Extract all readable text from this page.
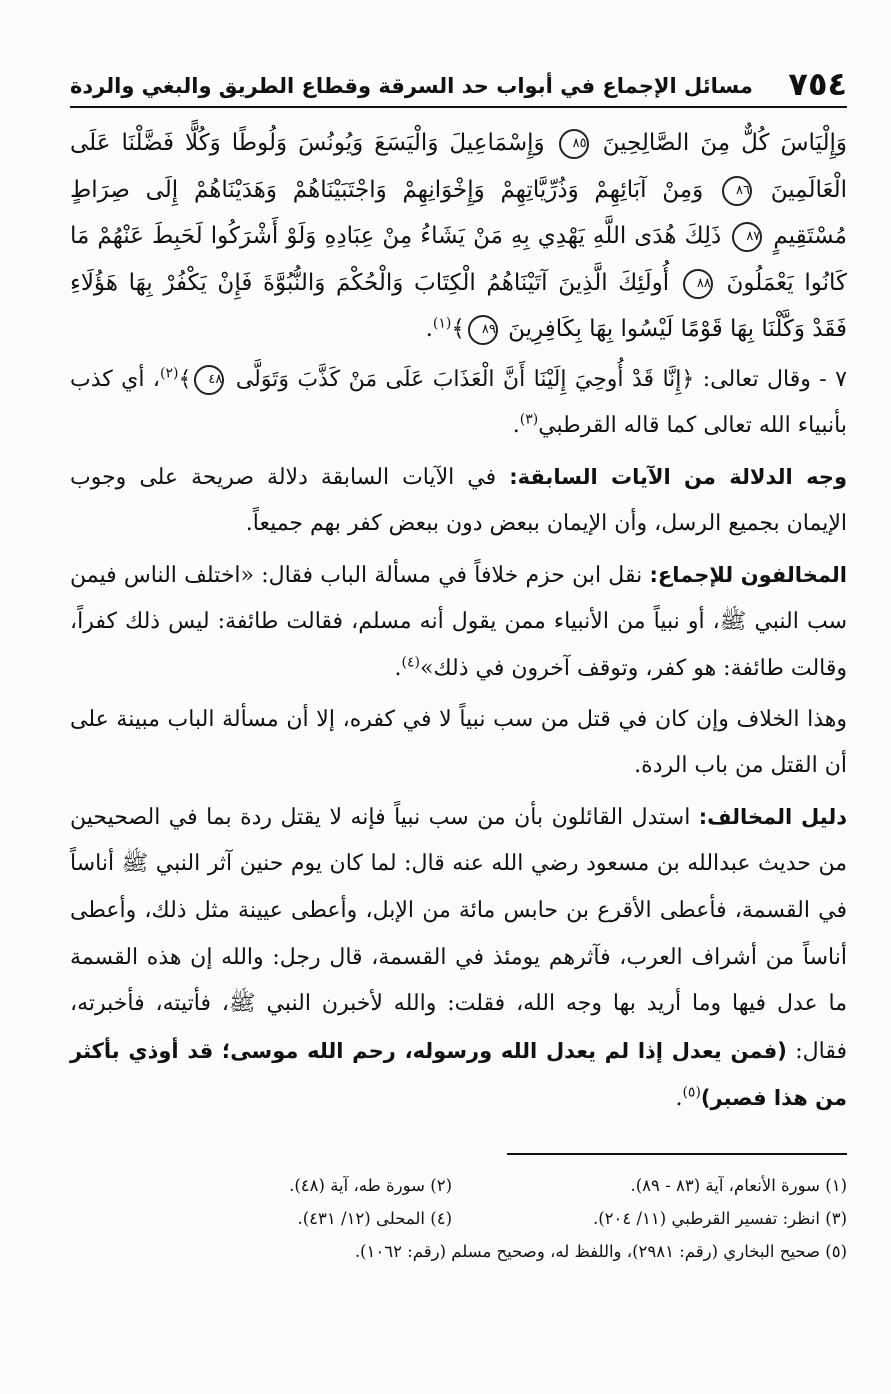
٧٥٤
مسائل الإجماع في أبواب حد السرقة وقطاع الطريق والبغي والردة

وَإِلْيَاسَ كُلٌّ مِنَ الصَّالِحِينَ ٨٥ وَإِسْمَاعِيلَ وَالْيَسَعَ وَيُونُسَ وَلُوطًا وَكُلًّا فَضَّلْنَا عَلَى الْعَالَمِينَ ٨٦ وَمِنْ آبَائِهِمْ وَذُرِّيَّاتِهِمْ وَإِخْوَانِهِمْ وَاجْتَبَيْنَاهُمْ وَهَدَيْنَاهُمْ إِلَى صِرَاطٍ مُسْتَقِيمٍ ٨٧ ذَلِكَ هُدَى اللَّهِ يَهْدِي بِهِ مَنْ يَشَاءُ مِنْ عِبَادِهِ وَلَوْ أَشْرَكُوا لَحَبِطَ عَنْهُمْ مَا كَانُوا يَعْمَلُونَ ٨٨ أُولَئِكَ الَّذِينَ آتَيْنَاهُمُ الْكِتَابَ وَالْحُكْمَ وَالنُّبُوَّةَ فَإِنْ يَكْفُرْ بِهَا هَؤُلَاءِ فَقَدْ وَكَّلْنَا بِهَا قَوْمًا لَيْسُوا بِهَا بِكَافِرِينَ ٨٩﴾$^{(١)}$.

٧ - وقال تعالى: ﴿إِنَّا قَدْ أُوحِيَ إِلَيْنَا أَنَّ الْعَذَابَ عَلَى مَنْ كَذَّبَ وَتَوَلَّى ٤٨﴾$^{(٢)}$، أي كذب بأنبياء الله تعالى كما قاله القرطبي$^{(٣)}$.

وجه الدلالة من الآيات السابقة: في الآيات السابقة دلالة صريحة على وجوب الإيمان بجميع الرسل، وأن الإيمان ببعض دون ببعض كفر بهم جميعاً.

المخالفون للإجماع: نقل ابن حزم خلافاً في مسألة الباب فقال: «اختلف الناس فيمن سب النبي ﷺ، أو نبياً من الأنبياء ممن يقول أنه مسلم، فقالت طائفة: ليس ذلك كفراً، وقالت طائفة: هو كفر، وتوقف آخرون في ذلك»$^{(٤)}$.

وهذا الخلاف وإن كان في قتل من سب نبياً لا في كفره، إلا أن مسألة الباب مبينة على أن القتل من باب الردة.

دليل المخالف: استدل القائلون بأن من سب نبياً فإنه لا يقتل ردة بما في الصحيحين من حديث عبدالله بن مسعود رضي الله عنه قال: لما كان يوم حنين آثر النبي ﷺ أناساً في القسمة، فأعطى الأقرع بن حابس مائة من الإبل، وأعطى عيينة مثل ذلك، وأعطى أناساً من أشراف العرب، فآثرهم يومئذ في القسمة، قال رجل: والله إن هذه القسمة ما عدل فيها وما أريد بها وجه الله، فقلت: والله لأخبرن النبي ﷺ، فأتيته، فأخبرته، فقال: (فمن يعدل إذا لم يعدل الله ورسوله، رحم الله موسى؛ قد أوذي بأكثر من هذا فصبر)$^{(٥)}$.

(١) سورة الأنعام، آية (٨٣ - ٨٩).
(٢) سورة طه، آية (٤٨).
(٣) انظر: تفسير القرطبي (١١/ ٢٠٤).
(٤) المحلى (١٢/ ٤٣١).
(٥) صحيح البخاري (رقم: ٢٩٨١)، واللفظ له، وصحيح مسلم (رقم: ١٠٦٢).
